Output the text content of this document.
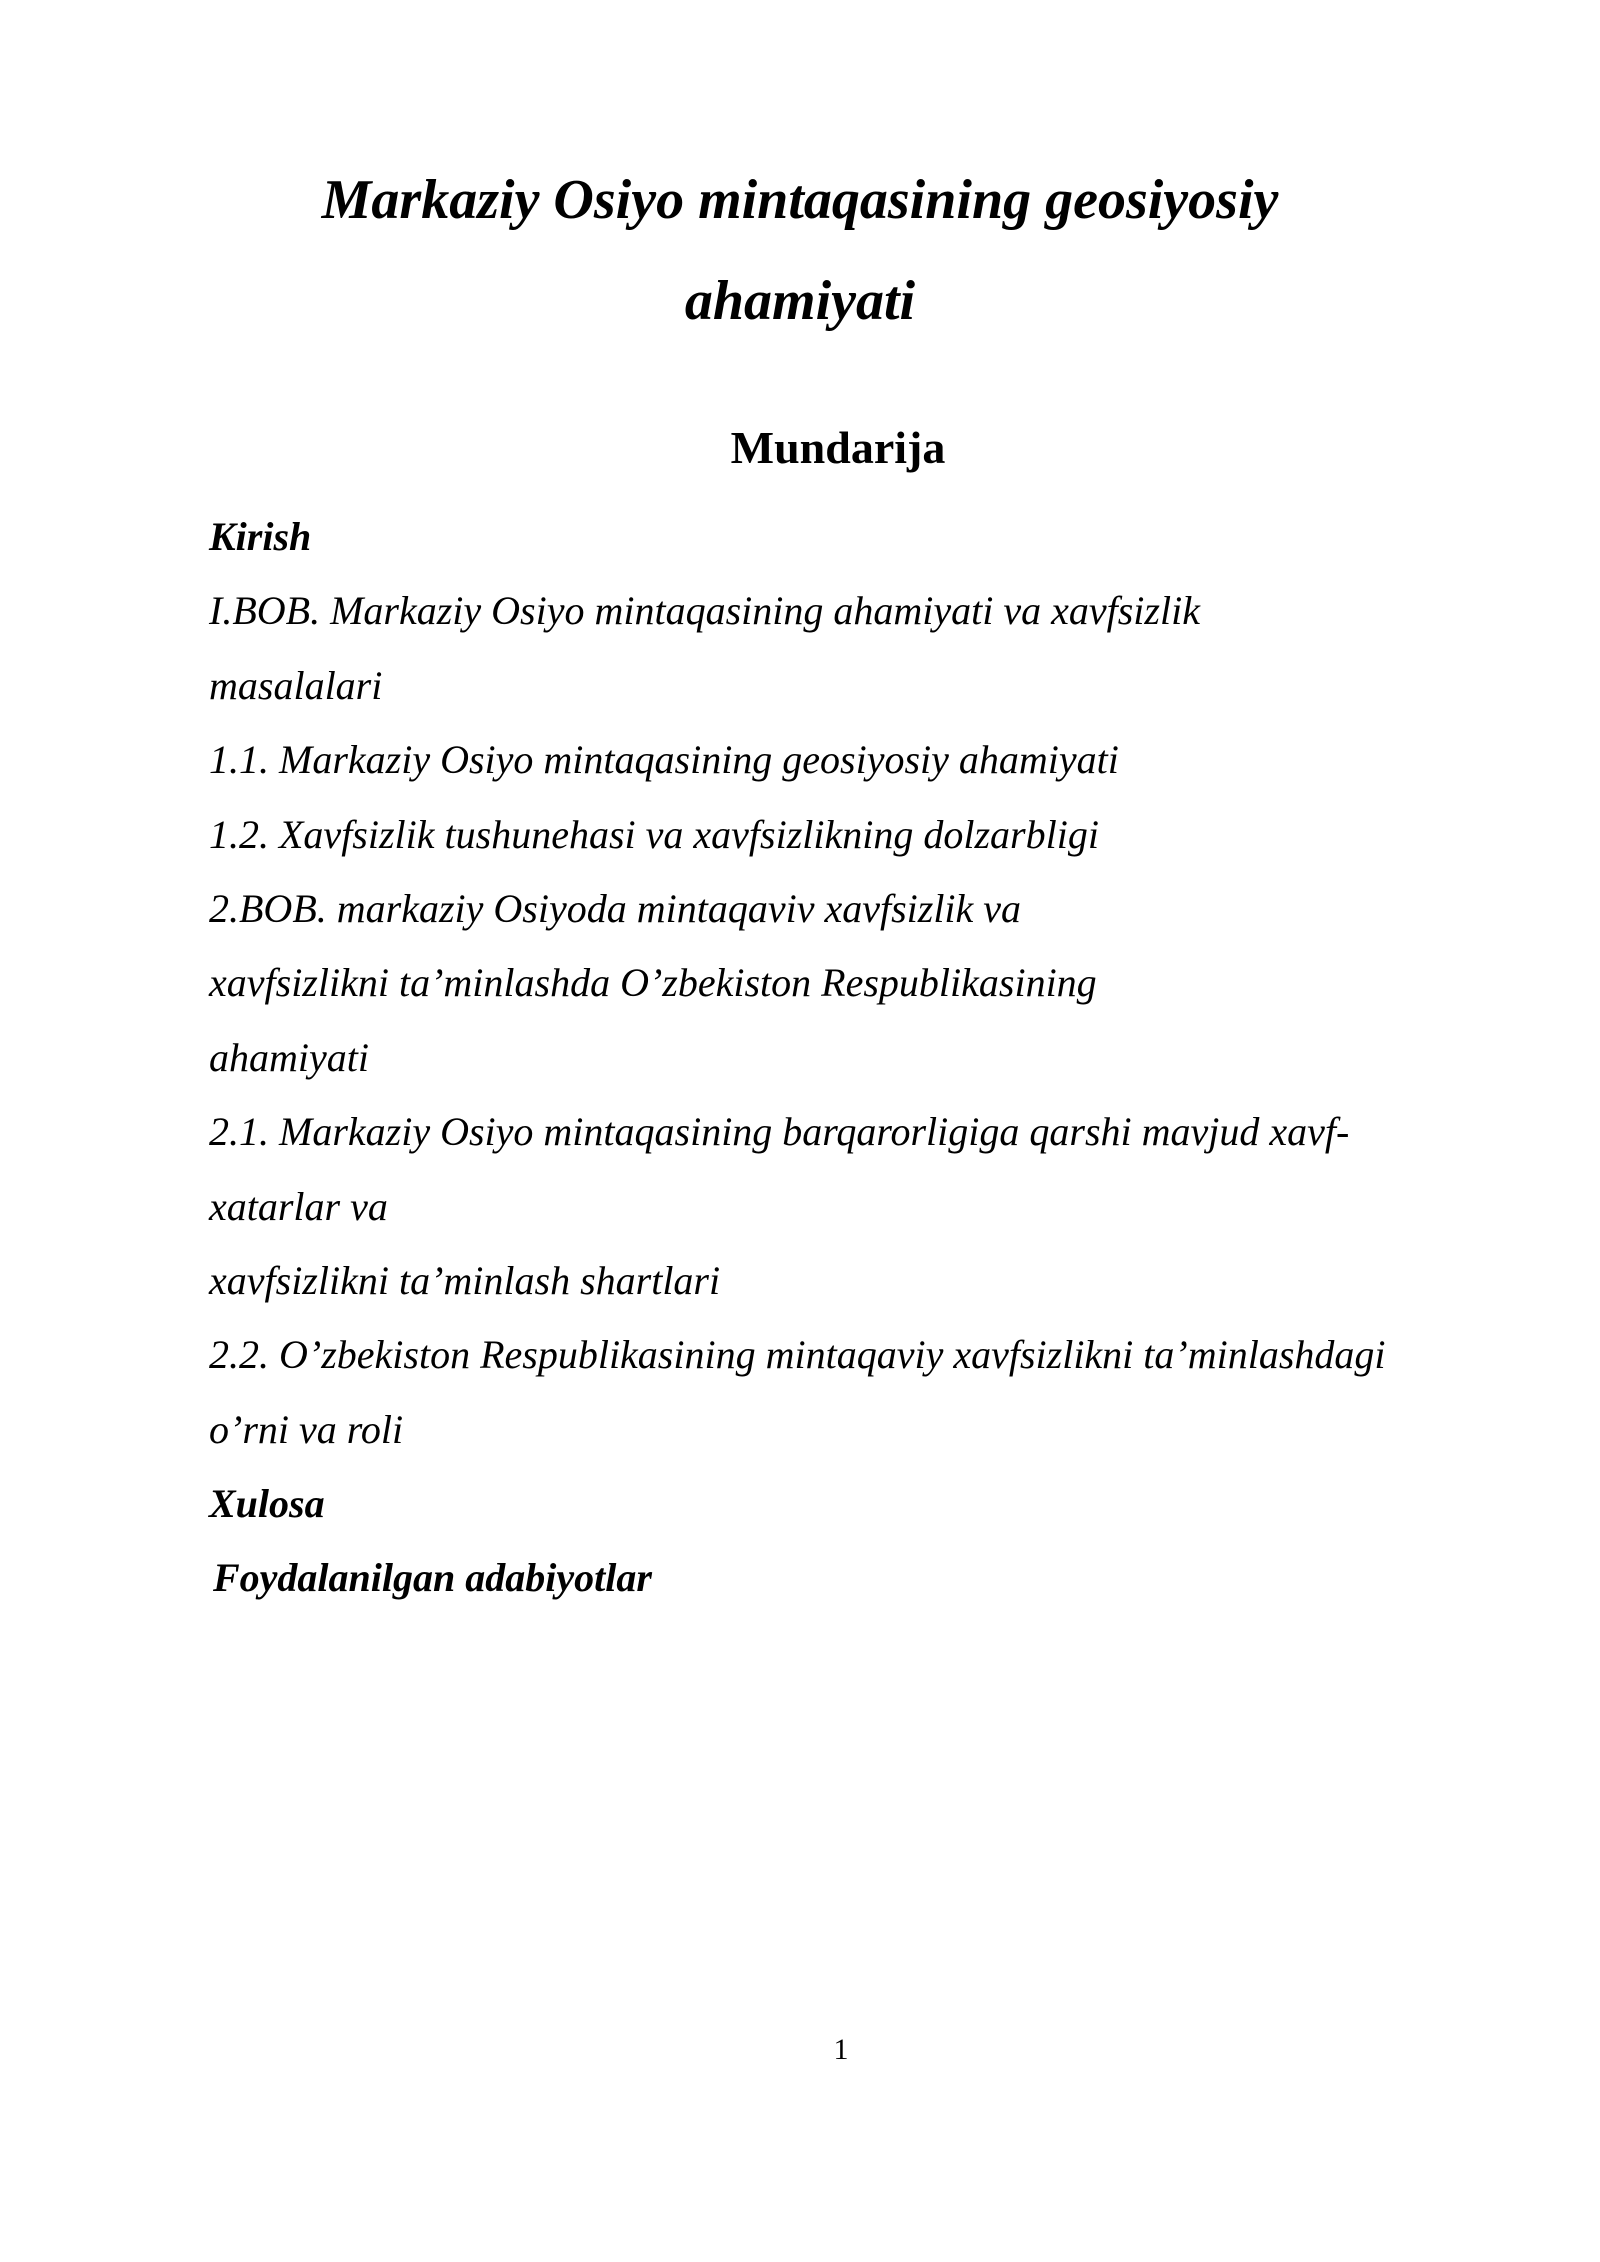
Markaziy Osiyo mintaqasining geosiyosiy
ahamiyati
Mundarija
Kirish
I.BOB. Markaziy Osiyo mintaqasining ahamiyati va xavfsizlik
masalalari
1.1. Markaziy Osiyo mintaqasining geosiyosiy ahamiyati
1.2. Xavfsizlik tushunehasi va xavfsizlikning dolzarbligi
2.BOB. markaziy Osiyoda mintaqaviv xavfsizlik va
xavfsizlikni ta’minlashda O’zbekiston Respublikasining
ahamiyati
2.1. Markaziy Osiyo mintaqasining barqarorligiga qarshi mavjud xavf-
xatarlar va
xavfsizlikni ta’minlash shartlari
2.2. O’zbekiston Respublikasining mintaqaviy xavfsizlikni ta’minlashdagi
o’rni va roli
Xulosa
Foydalanilgan adabiyotlar
1
